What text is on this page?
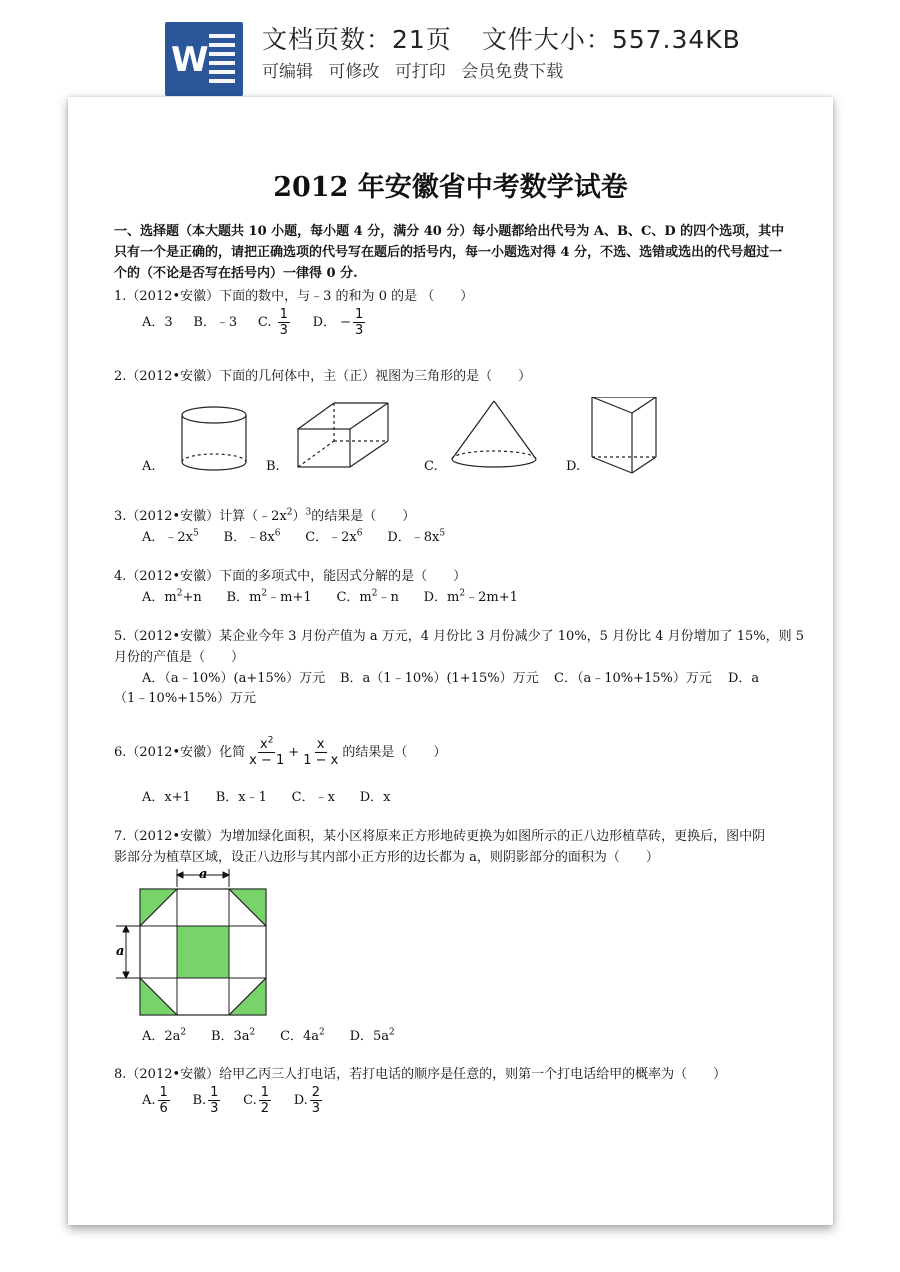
W
文档页数：21页 文件大小：557.34KB
可编辑 可修改 可打印 会员免费下载
2012 年安徽省中考数学试卷
一、选择题（本大题共 10 小题，每小题 4 分，满分 40 分）每小题都给出代号为 A、B、C、D 的四个选项，其中只有一个是正确的，请把正确选项的代号写在题后的括号内，每一小题选对得 4 分，不选、选错或选出的代号超过一个的（不论是否写在括号内）一律得 0 分.
1.（2012•安徽）下面的数中，与﹣3 的和为 0 的是 （　　）
A．3 B．﹣3 C. $\frac{1}{3}$ D． − $\frac{1}{3}$
2.（2012•安徽）下面的几何体中，主（正）视图为三角形的是（　　）
A.	B.	C.	D.
3.（2012•安徽）计算$(﹣2x^2)^3$的结果是（　　）
A．$﹣2x^5$ B．$﹣8x^6$ C．$﹣2x^6$ D．$﹣8x^5$
4.（2012•安徽）下面的多项式中，能因式分解的是（　　）
A．$m^2+n$ B．$m^2﹣m+1$ C．$m^2﹣n$ D．$m^2﹣2m+1$
5.（2012•安徽）某企业今年 3 月份产值为 a 万元，4 月份比 3 月份减少了 10%，5 月份比 4 月份增加了 15%，则 5
月份的产值是（　　）
A．（a﹣10%）(a+15%）万元 B．a（1﹣10%）(1+15%）万元 C．（a﹣10%+15%）万元 D．a
（1﹣10%+15%）万元
6.（2012•安徽）化简 $\frac{x^2}{x - 1} + \frac{x}{1 - x}$ 的结果是（　　）
A．x+1 B．x﹣1 C．﹣x D．x
7.（2012•安徽）为增加绿化面积，某小区将原来正方形地砖更换为如图所示的正八边形植草砖，更换后，图中阴
影部分为植草区域，设正八边形与其内部小正方形的边长都为 a，则阴影部分的面积为（　　）
a
a
A．$2a^2$ B．$3a^2$ C．$4a^2$ D．$5a^2$
8.（2012•安徽）给甲乙丙三人打电话，若打电话的顺序是任意的，则第一个打电话给甲的概率为（　　）
A. $\frac{1}{6} B$. $\frac{1}{3} C$. $\frac{1}{2} D$. $\frac{2}{3}$
